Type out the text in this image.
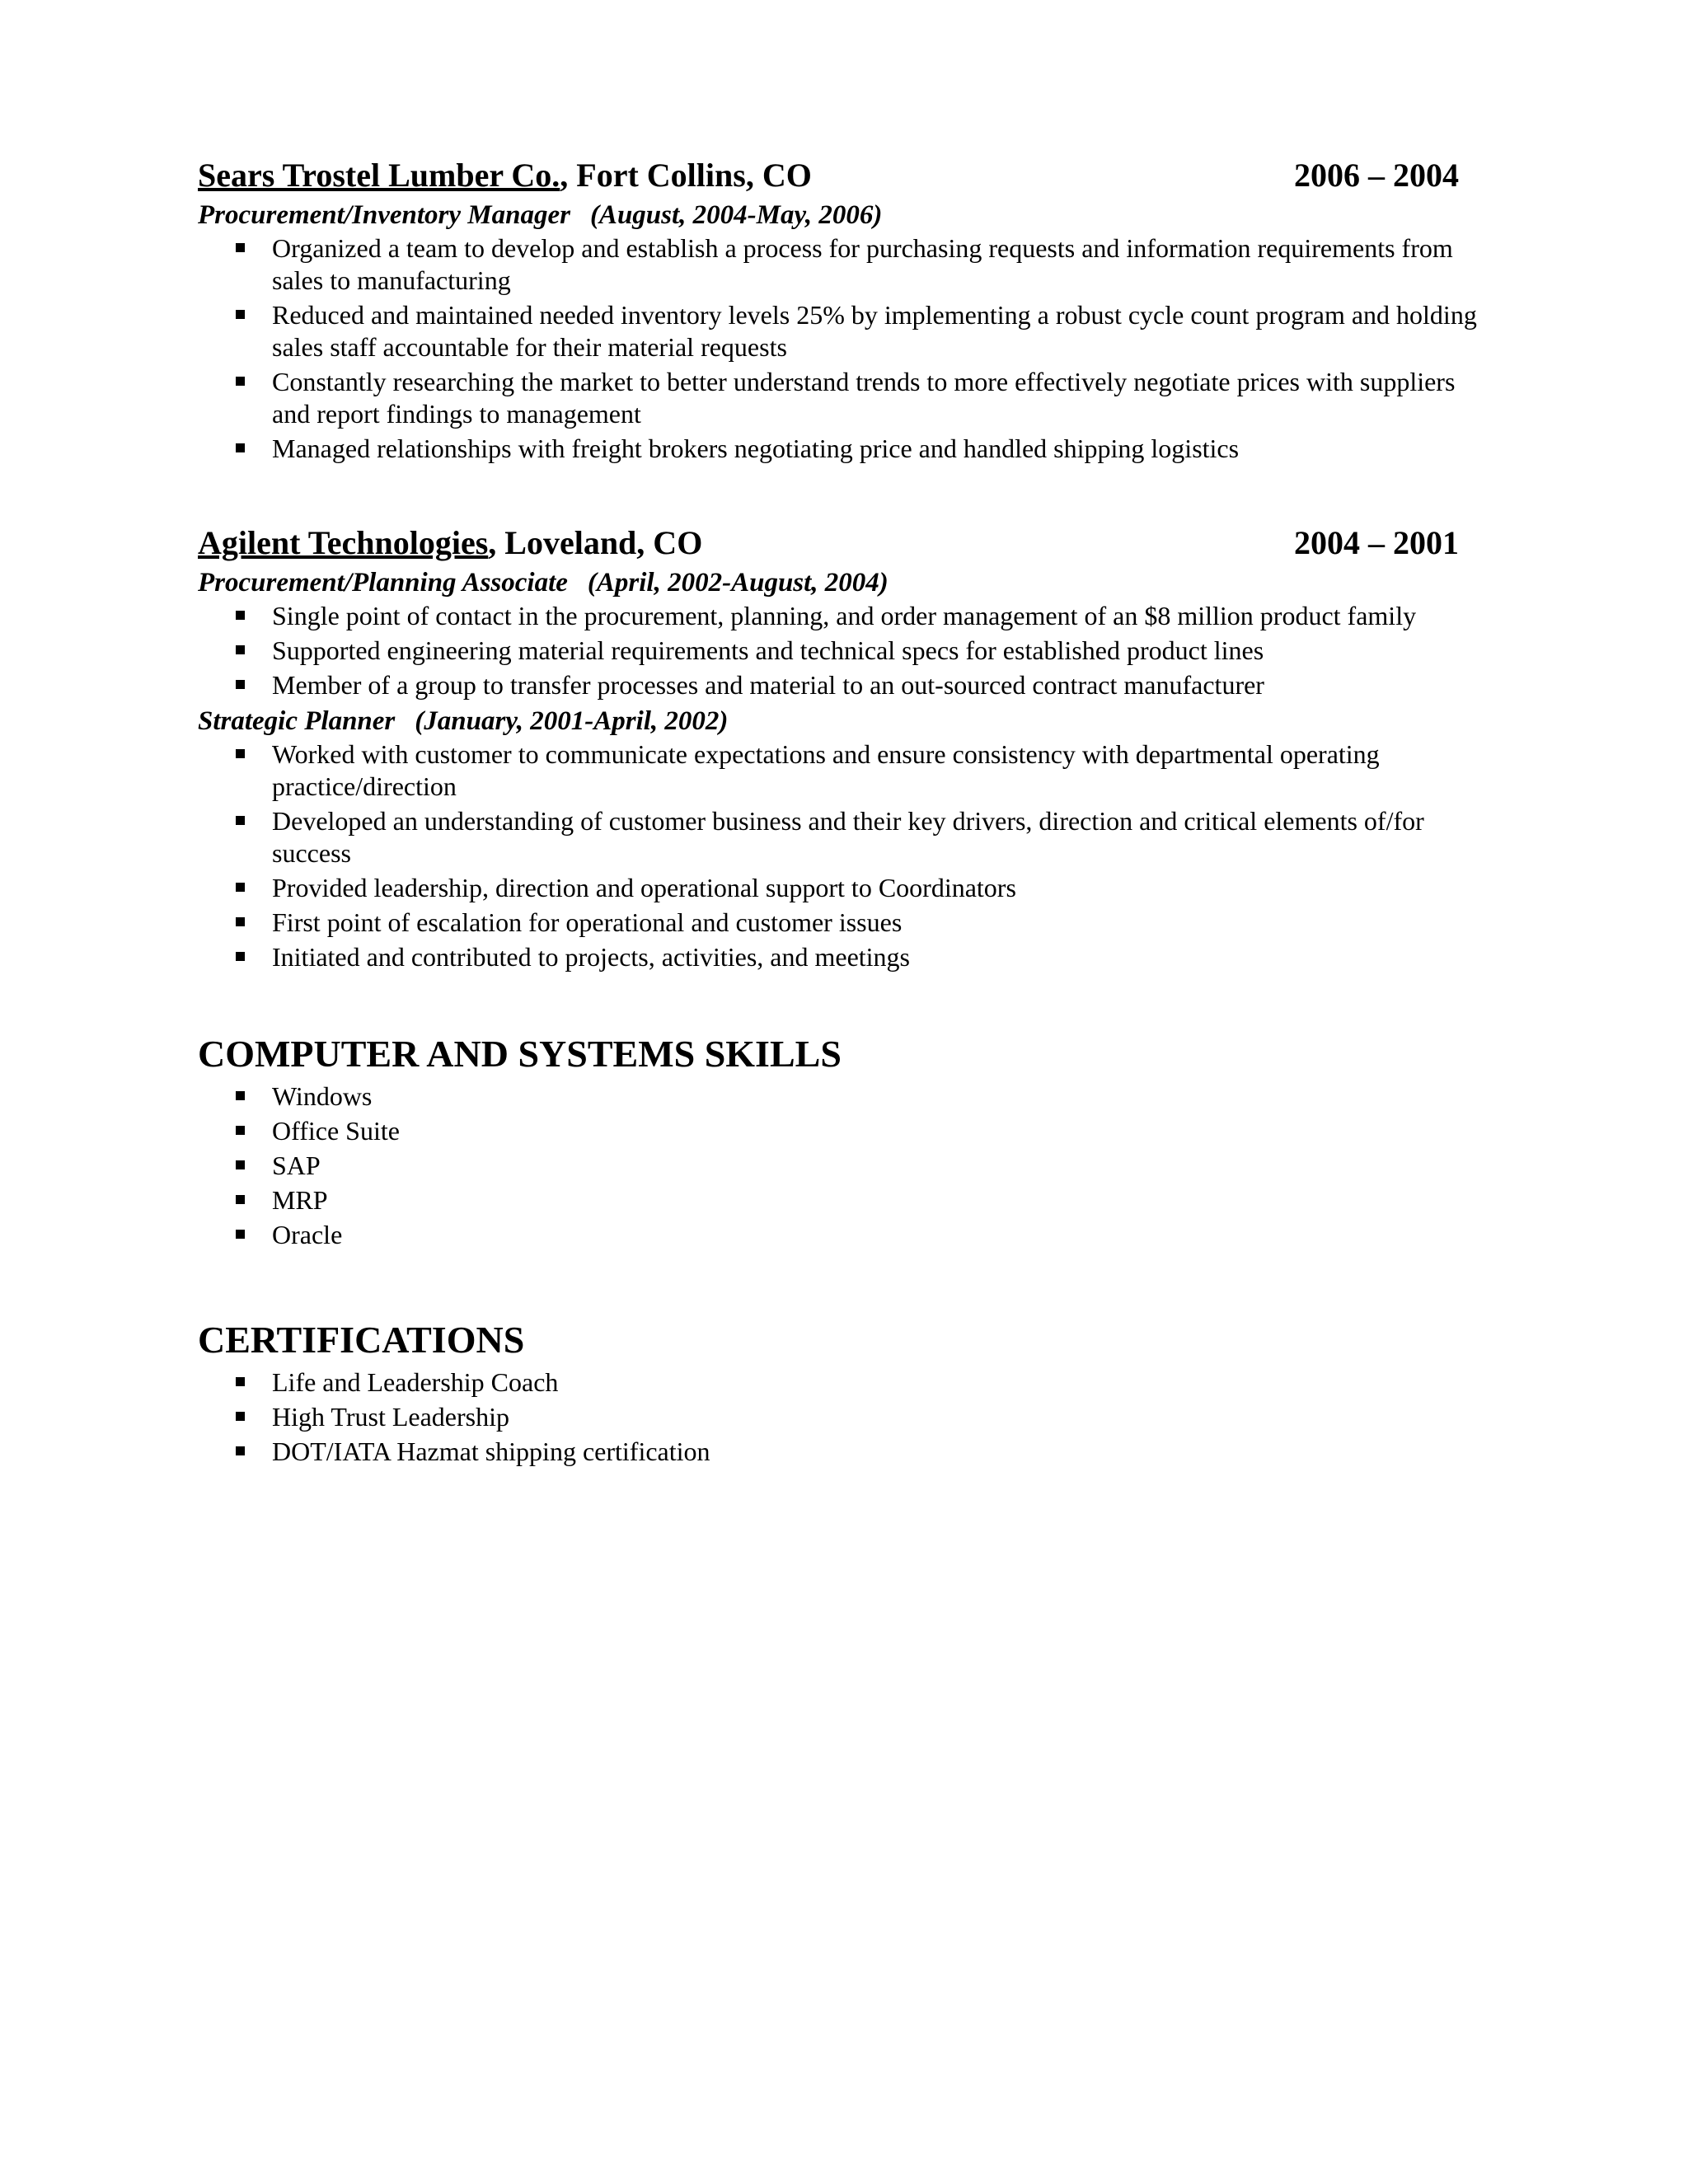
Sears Trostel Lumber Co., Fort Collins, CO	2006 – 2004
Procurement/Inventory Manager (August, 2004-May, 2006)
Organized a team to develop and establish a process for purchasing requests and information requirements from sales to manufacturing
Reduced and maintained needed inventory levels 25% by implementing a robust cycle count program and holding sales staff accountable for their material requests
Constantly researching the market to better understand trends to more effectively negotiate prices with suppliers and report findings to management
Managed relationships with freight brokers negotiating price and handled shipping logistics
Agilent Technologies, Loveland, CO	2004 – 2001
Procurement/Planning Associate (April, 2002-August, 2004)
Single point of contact in the procurement, planning, and order management of an $8 million product family
Supported engineering material requirements and technical specs for established product lines
Member of a group to transfer processes and material to an out-sourced contract manufacturer
Strategic Planner (January, 2001-April, 2002)
Worked with customer to communicate expectations and ensure consistency with departmental operating practice/direction
Developed an understanding of customer business and their key drivers, direction and critical elements of/for success
Provided leadership, direction and operational support to Coordinators
First point of escalation for operational and customer issues
Initiated and contributed to projects, activities, and meetings
COMPUTER AND SYSTEMS SKILLS
Windows
Office Suite
SAP
MRP
Oracle
CERTIFICATIONS
Life and Leadership Coach
High Trust Leadership
DOT/IATA Hazmat shipping certification
